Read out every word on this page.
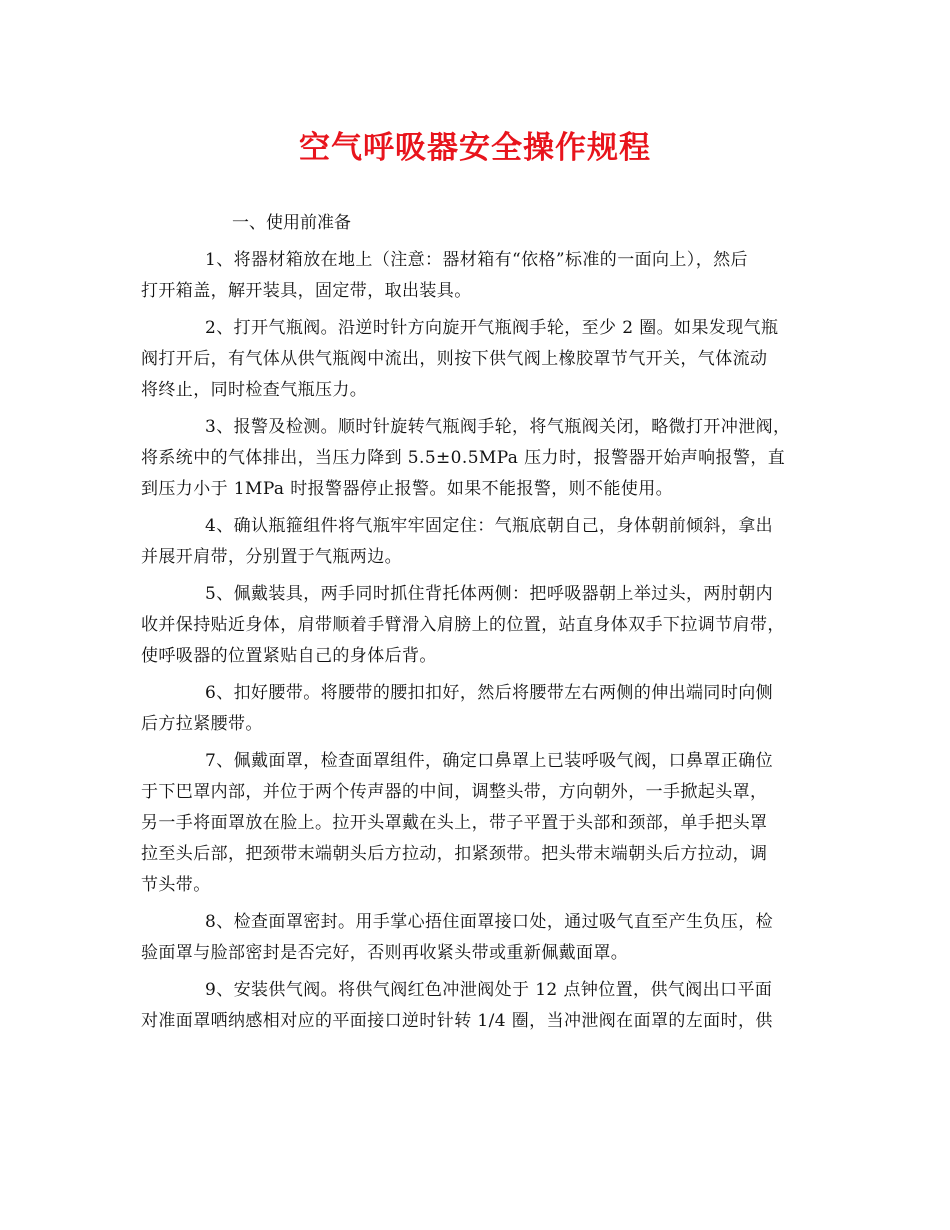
空气呼吸器安全操作规程

一、使用前准备

1、将器材箱放在地上（注意：器材箱有“依格”标准的一面向上），然后
打开箱盖，解开装具，固定带，取出装具。
2、打开气瓶阀。沿逆时针方向旋开气瓶阀手轮，至少 2 圈。如果发现气瓶
阀打开后，有气体从供气瓶阀中流出，则按下供气阀上橡胶罩节气开关，气体流动
将终止，同时检查气瓶压力。
3、报警及检测。顺时针旋转气瓶阀手轮，将气瓶阀关闭，略微打开冲泄阀，
将系统中的气体排出，当压力降到 5.5±0.5MPa 压力时，报警器开始声响报警，直
到压力小于 1MPa 时报警器停止报警。如果不能报警，则不能使用。
4、确认瓶箍组件将气瓶牢牢固定住：气瓶底朝自己，身体朝前倾斜，拿出
并展开肩带，分别置于气瓶两边。
5、佩戴装具，两手同时抓住背托体两侧：把呼吸器朝上举过头，两肘朝内
收并保持贴近身体，肩带顺着手臂滑入肩膀上的位置，站直身体双手下拉调节肩带，
使呼吸器的位置紧贴自己的身体后背。
6、扣好腰带。将腰带的腰扣扣好，然后将腰带左右两侧的伸出端同时向侧
后方拉紧腰带。
7、佩戴面罩，检查面罩组件，确定口鼻罩上已装呼吸气阀，口鼻罩正确位
于下巴罩内部，并位于两个传声器的中间，调整头带，方向朝外，一手掀起头罩，
另一手将面罩放在脸上。拉开头罩戴在头上，带子平置于头部和颈部，单手把头罩
拉至头后部，把颈带末端朝头后方拉动，扣紧颈带。把头带末端朝头后方拉动，调
节头带。
8、检查面罩密封。用手掌心捂住面罩接口处，通过吸气直至产生负压，检
验面罩与脸部密封是否完好，否则再收紧头带或重新佩戴面罩。
9、安装供气阀。将供气阀红色冲泄阀处于 12 点钟位置，供气阀出口平面
对准面罩哂纳感相对应的平面接口逆时针转 1/4 圈，当冲泄阀在面罩的左面时，供
